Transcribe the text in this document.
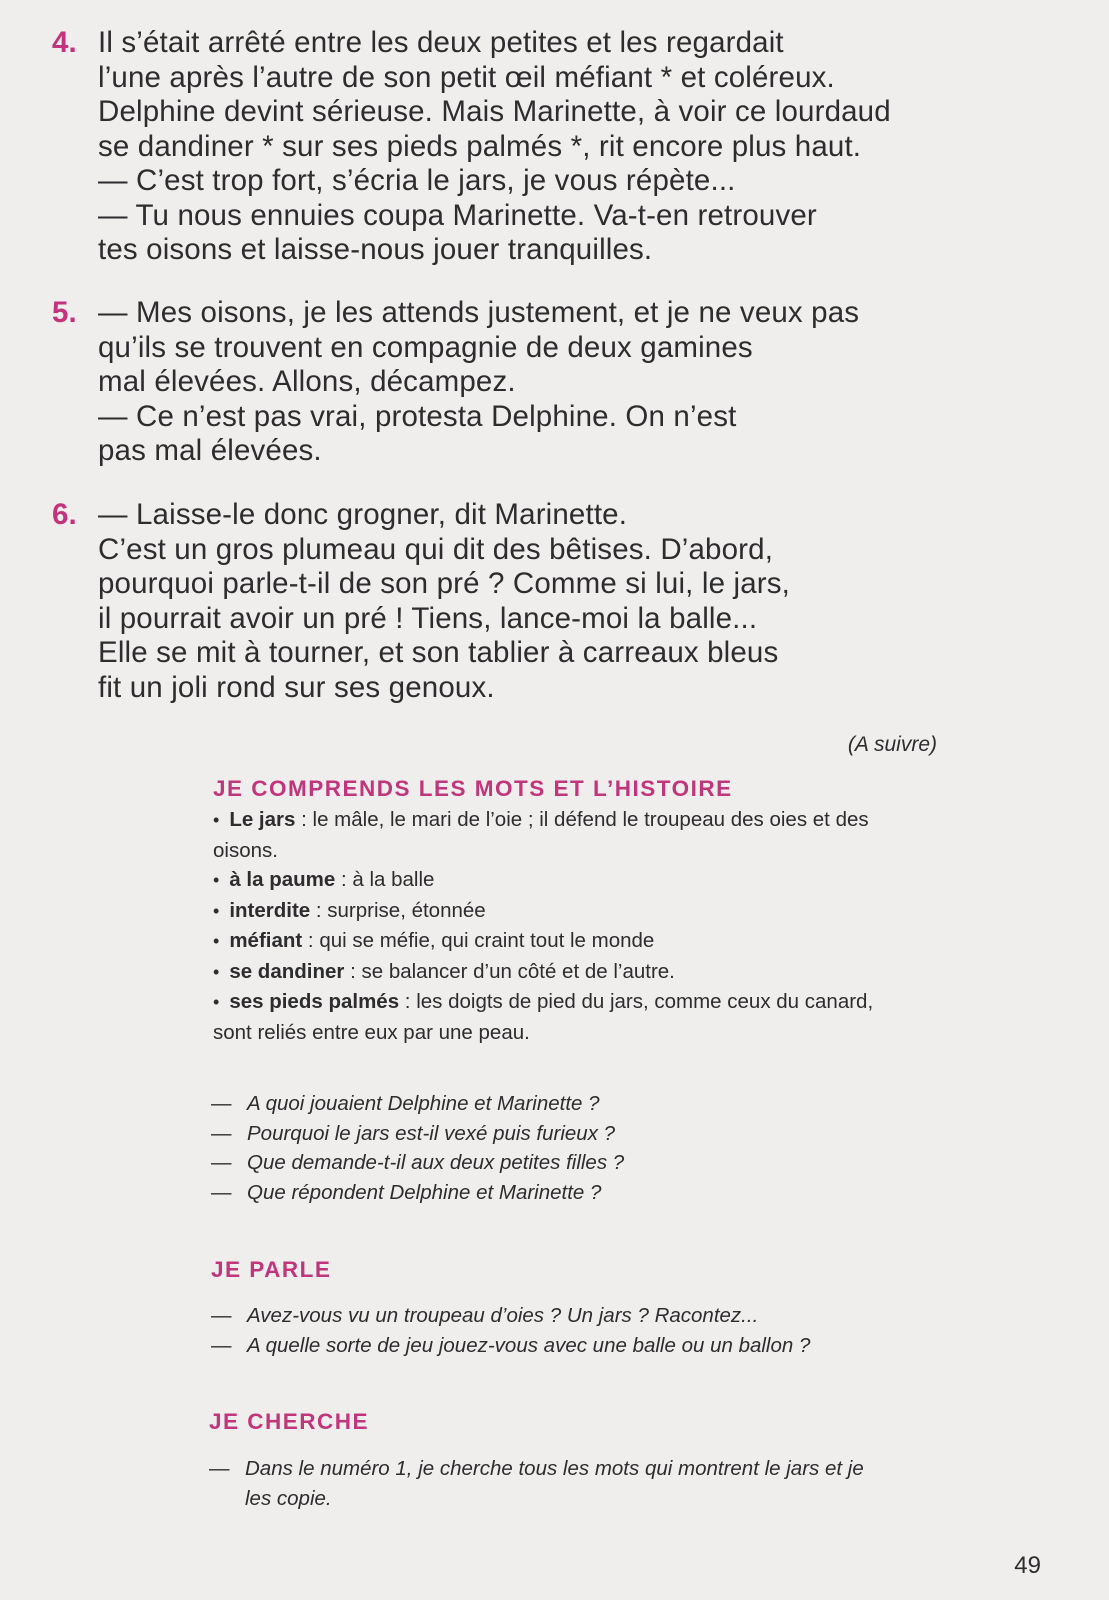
4. Il s’était arrêté entre les deux petites et les regardait
l’une après l’autre de son petit œil méfiant * et coléreux.
Delphine devint sérieuse. Mais Marinette, à voir ce lourdaud
se dandiner * sur ses pieds palmés *, rit encore plus haut.
— C’est trop fort, s’écria le jars, je vous répète...
— Tu nous ennuies coupa Marinette. Va-t-en retrouver
tes oisons et laisse-nous jouer tranquilles.
5. — Mes oisons, je les attends justement, et je ne veux pas
qu’ils se trouvent en compagnie de deux gamines
mal élevées. Allons, décampez.
— Ce n’est pas vrai, protesta Delphine. On n’est
pas mal élevées.
6. — Laisse-le donc grogner, dit Marinette.
C’est un gros plumeau qui dit des bêtises. D’abord,
pourquoi parle-t-il de son pré ? Comme si lui, le jars,
il pourrait avoir un pré ! Tiens, lance-moi la balle...
Elle se mit à tourner, et son tablier à carreaux bleus
fit un joli rond sur ses genoux.
(A suivre)
JE COMPRENDS LES MOTS ET L’HISTOIRE
• Le jars : le mâle, le mari de l’oie ; il défend le troupeau des oies et des
oisons.
• à la paume : à la balle
• interdite : surprise, étonnée
• méfiant : qui se méfie, qui craint tout le monde
• se dandiner : se balancer d’un côté et de l’autre.
• ses pieds palmés : les doigts de pied du jars, comme ceux du canard,
sont reliés entre eux par une peau.
— A quoi jouaient Delphine et Marinette ?
— Pourquoi le jars est-il vexé puis furieux ?
— Que demande-t-il aux deux petites filles ?
— Que répondent Delphine et Marinette ?
JE PARLE
— Avez-vous vu un troupeau d’oies ? Un jars ? Racontez...
— A quelle sorte de jeu jouez-vous avec une balle ou un ballon ?
JE CHERCHE
— Dans le numéro 1, je cherche tous les mots qui montrent le jars et je
les copie.
49
